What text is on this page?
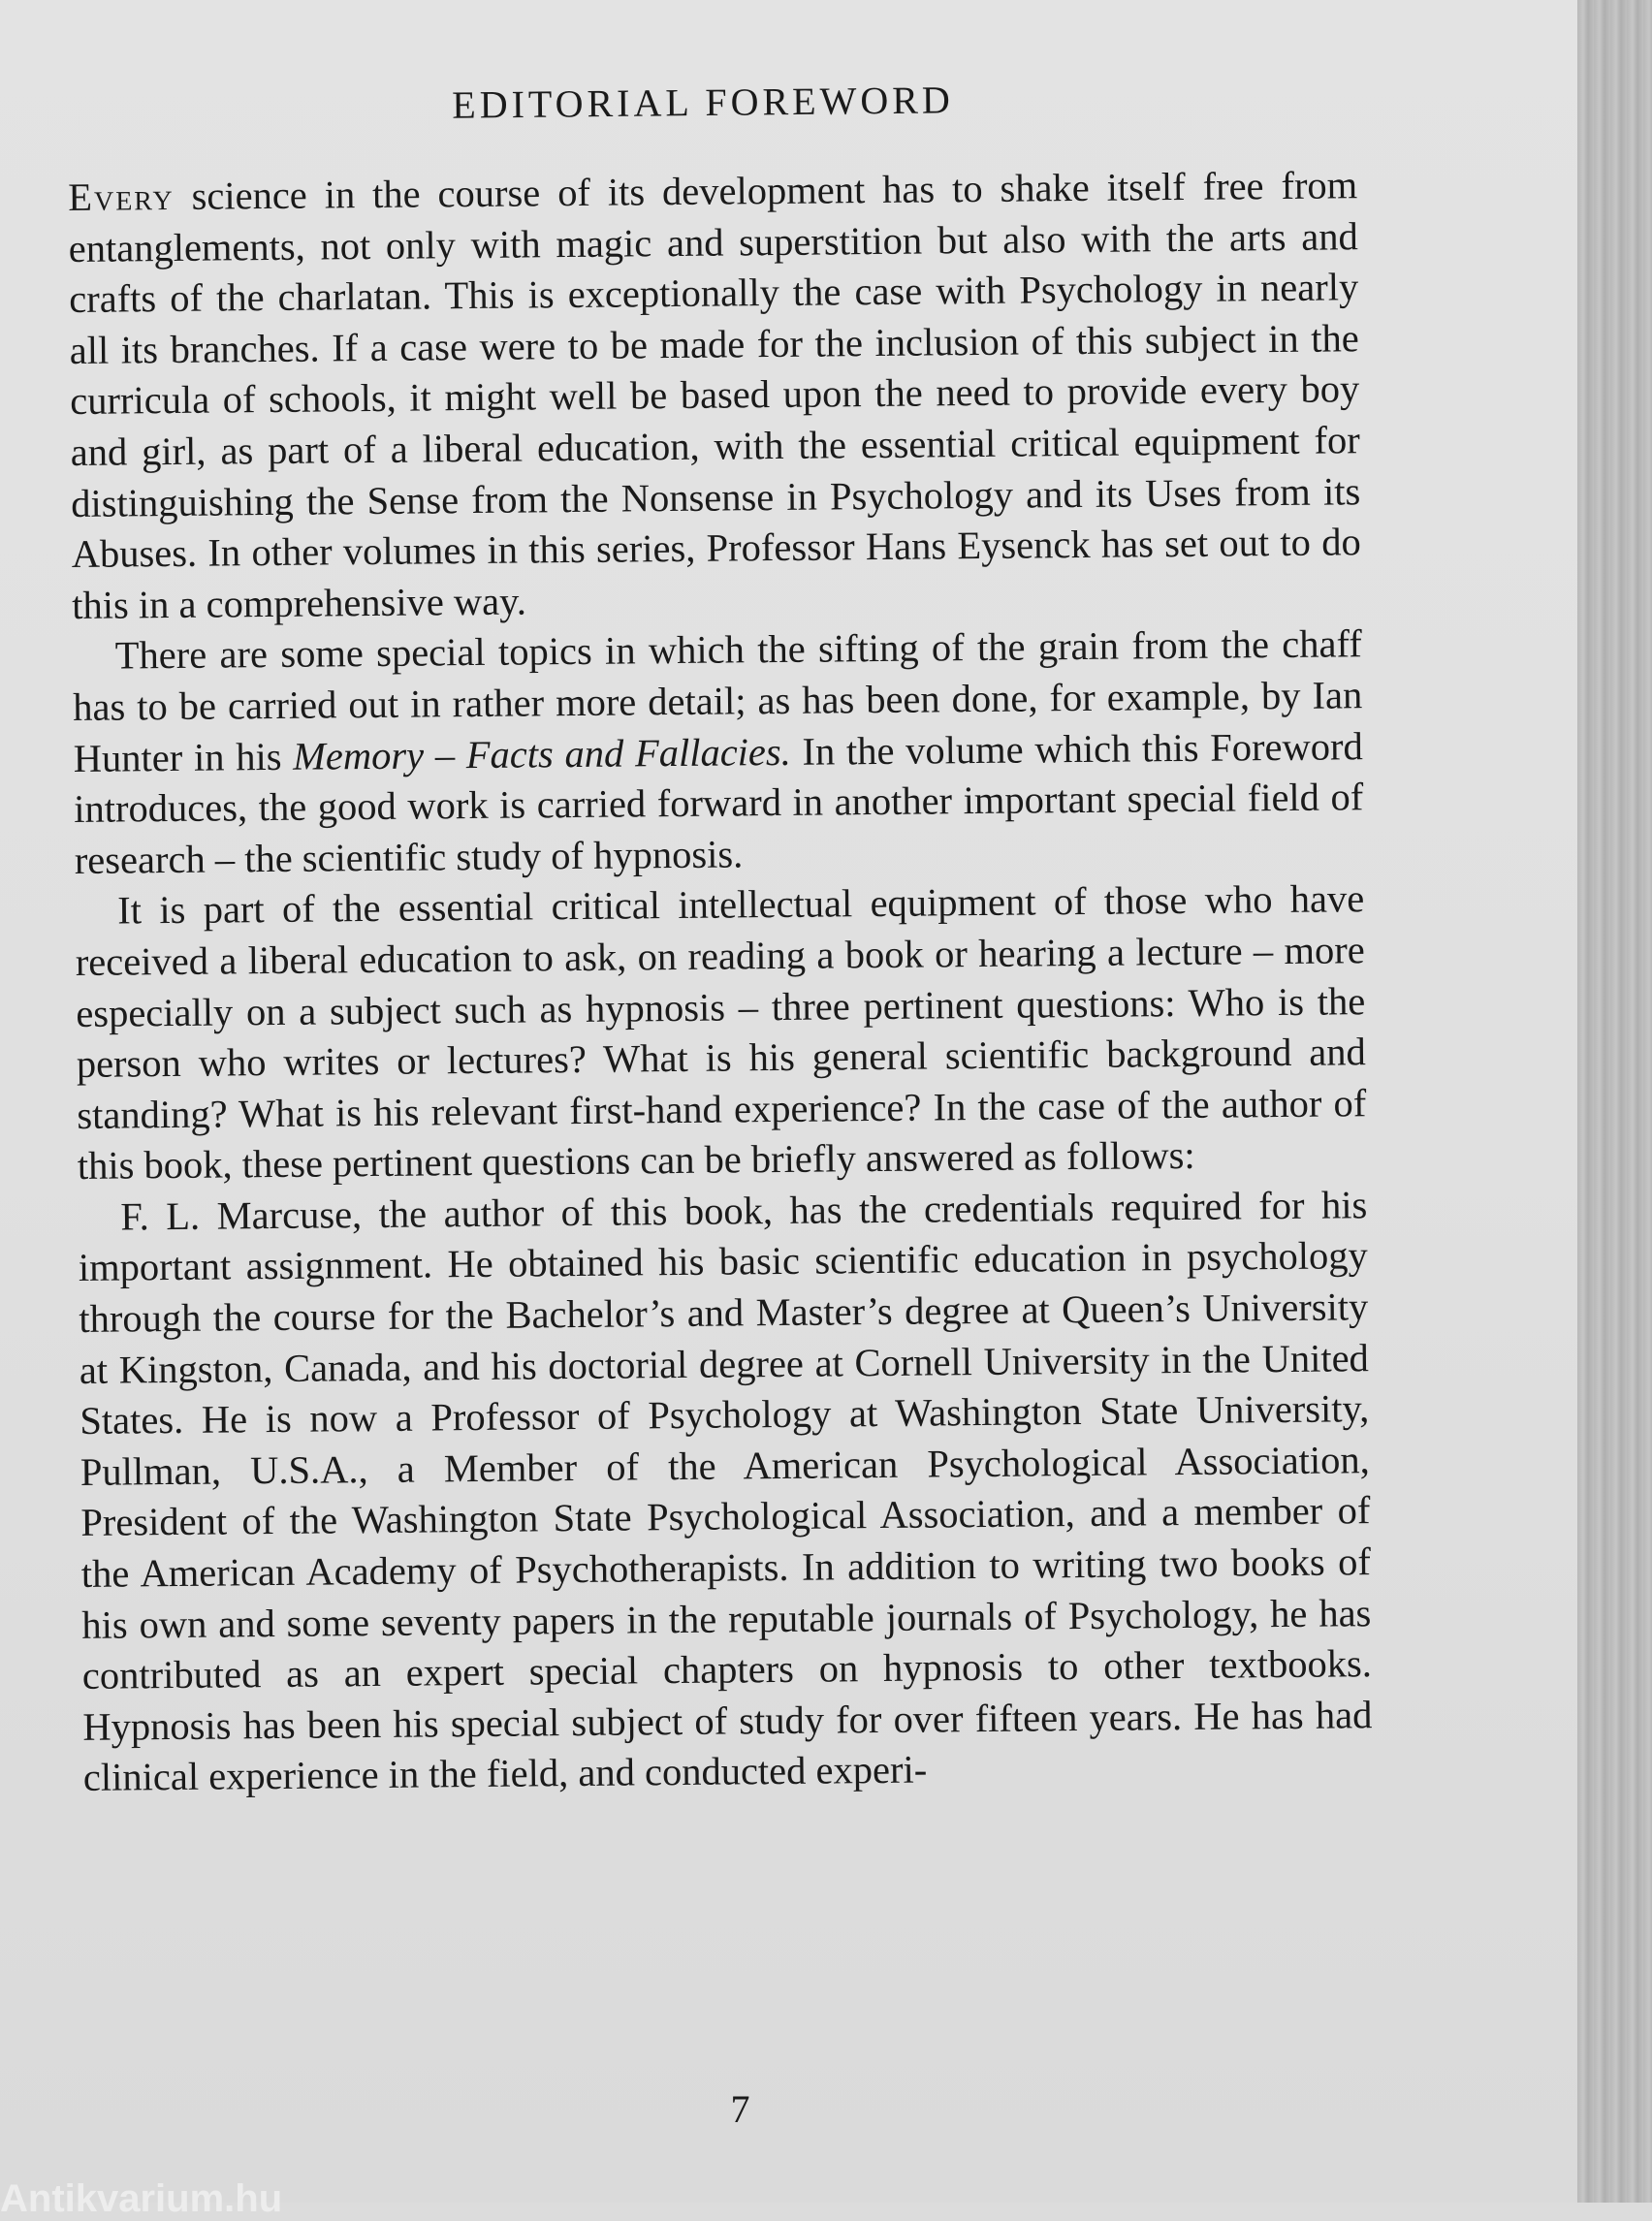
EDITORIAL FOREWORD

Every science in the course of its development has to shake itself free from entanglements, not only with magic and superstition but also with the arts and crafts of the charlatan. This is exceptionally the case with Psychology in nearly all its branches. If a case were to be made for the inclusion of this subject in the curricula of schools, it might well be based upon the need to provide every boy and girl, as part of a liberal education, with the essential critical equipment for distinguishing the Sense from the Nonsense in Psychology and its Uses from its Abuses. In other volumes in this series, Professor Hans Eysenck has set out to do this in a comprehensive way.

There are some special topics in which the sifting of the grain from the chaff has to be carried out in rather more detail; as has been done, for example, by Ian Hunter in his Memory – Facts and Fallacies. In the volume which this Foreword introduces, the good work is carried forward in another important special field of research – the scientific study of hypnosis.

It is part of the essential critical intellectual equipment of those who have received a liberal education to ask, on reading a book or hearing a lecture – more especially on a subject such as hypnosis – three pertinent questions: Who is the person who writes or lectures? What is his general scientific background and standing? What is his relevant first-hand experience? In the case of the author of this book, these pertinent questions can be briefly answered as follows:

F. L. Marcuse, the author of this book, has the credentials required for his important assignment. He obtained his basic scientific education in psychology through the course for the Bachelor’s and Master’s degree at Queen’s University at Kingston, Canada, and his doctorial degree at Cornell University in the United States. He is now a Professor of Psychology at Washington State University, Pullman, U.S.A., a Member of the American Psychological Association, President of the Washington State Psychological Association, and a member of the American Academy of Psychotherapists. In addition to writing two books of his own and some seventy papers in the reputable journals of Psychology, he has contributed as an expert special chapters on hypnosis to other textbooks. Hypnosis has been his special subject of study for over fifteen years. He has had clinical experience in the field, and conducted experi-

7
Antikvarium.hu
